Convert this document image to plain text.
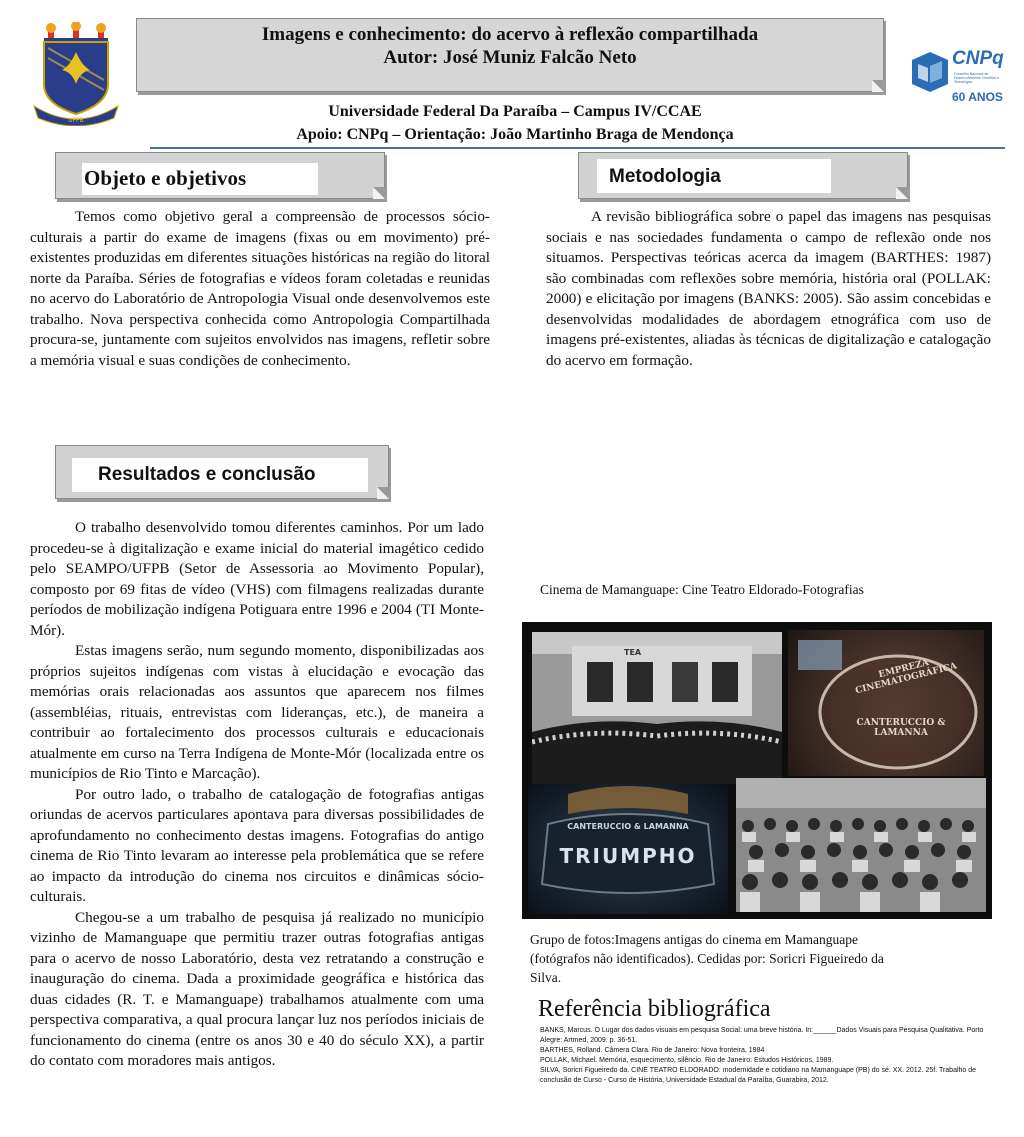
UFPB
Imagens e conhecimento: do acervo à reflexão compartilhada
Autor: José Muniz Falcão Neto	CNPq
Conselho Nacional de Desenvolvimento Científico e Tecnológico
60 ANOS
Universidade Federal Da Paraíba – Campus IV/CCAE
Apoio: CNPq – Orientação: João Martinho Braga de Mendonça
Objeto e objetivos

Temos como objetivo geral a compreensão de processos sócio-culturais a partir do exame de imagens (fixas ou em movimento) pré-existentes produzidas em diferentes situações históricas na região do litoral norte da Paraíba. Séries de fotografias e vídeos foram coletadas e reunidas no acervo do Laboratório de Antropologia Visual onde desenvolvemos este trabalho. Nova perspectiva conhecida como Antropologia Compartilhada procura-se, juntamente com sujeitos envolvidos nas imagens, refletir sobre a memória visual e suas condições de conhecimento.

Metodologia

A revisão bibliográfica sobre o papel das imagens nas pesquisas sociais e nas sociedades fundamenta o campo de reflexão onde nos situamos. Perspectivas teóricas acerca da imagem (BARTHES: 1987) são combinadas com reflexões sobre memória, história oral (POLLAK: 2000) e elicitação por imagens (BANKS: 2005). São assim concebidas e desenvolvidas modalidades de abordagem etnográfica com uso de imagens pré-existentes, aliadas às técnicas de digitalização e catalogação do acervo em formação.

Resultados e conclusão

O trabalho desenvolvido tomou diferentes caminhos. Por um lado procedeu-se à digitalização e exame inicial do material imagético cedido pelo SEAMPO/UFPB (Setor de Assessoria ao Movimento Popular), composto por 69 fitas de vídeo (VHS) com filmagens realizadas durante períodos de mobilização indígena Potiguara entre 1996 e 2004 (TI Monte-Mór).

Estas imagens serão, num segundo momento, disponibilizadas aos próprios sujeitos indígenas com vistas à elucidação e evocação das memórias orais relacionadas aos assuntos que aparecem nos filmes (assembléias, rituais, entrevistas com lideranças, etc.), de maneira a contribuir ao fortalecimento dos processos culturais e educacionais atualmente em curso na Terra Indígena de Monte-Mór (localizada entre os municípios de Rio Tinto e Marcação).

Por outro lado, o trabalho de catalogação de fotografias antigas oriundas de acervos particulares apontava para diversas possibilidades de aprofundamento no conhecimento destas imagens. Fotografias do antigo cinema de Rio Tinto levaram ao interesse pela problemática que se refere ao impacto da introdução do cinema nos circuitos e dinâmicas sócio-culturais.

Chegou-se a um trabalho de pesquisa já realizado no município vizinho de Mamanguape que permitiu trazer outras fotografias antigas para o acervo de nosso Laboratório, desta vez retratando a construção e inauguração do cinema. Dada a proximidade geográfica e histórica das duas cidades (R. T. e Mamanguape) trabalhamos atualmente com uma perspectiva comparativa, a qual procura lançar luz nos períodos iniciais de funcionamento do cinema (entre os anos 30 e 40 do século XX), a partir do contato com moradores mais antigos.

Cinema de Mamanguape: Cine Teatro Eldorado-Fotografias
TEA
EMPREZA CINEMATOGRÁFICA
CANTERUCCIO & LAMANNA
CANTERUCCIO & LAMANNA
TRIUMPHO
Grupo de fotos:Imagens antigas do cinema em Mamanguape (fotógrafos não identificados). Cedidas por: Soricri Figueiredo da Silva.
Referência bibliográfica
BANKS, Marcus. O Lugar dos dados visuais em pesquisa Social: uma breve história. In:______Dados Visuais para Pesquisa Qualitativa. Porto Alegre: Artmed, 2009. p. 36-51.
BARTHES, Rolland. Câmera Clara. Rio de Janeiro: Nova fronteira, 1984
POLLAK, Michael. Memória, esquecimento, silêncio. Rio de Janeiro: Estudos Históricos, 1989.
SILVA, Soricri Figueiredo da. CINE TEATRO ELDORADO: modernidade e cotidiano na Mamanguape (PB) do sé. XX. 2012. 25f. Trabalho de conclusão de Curso - Curso de História, Universidade Estadual da Paraíba, Guarabira, 2012.
